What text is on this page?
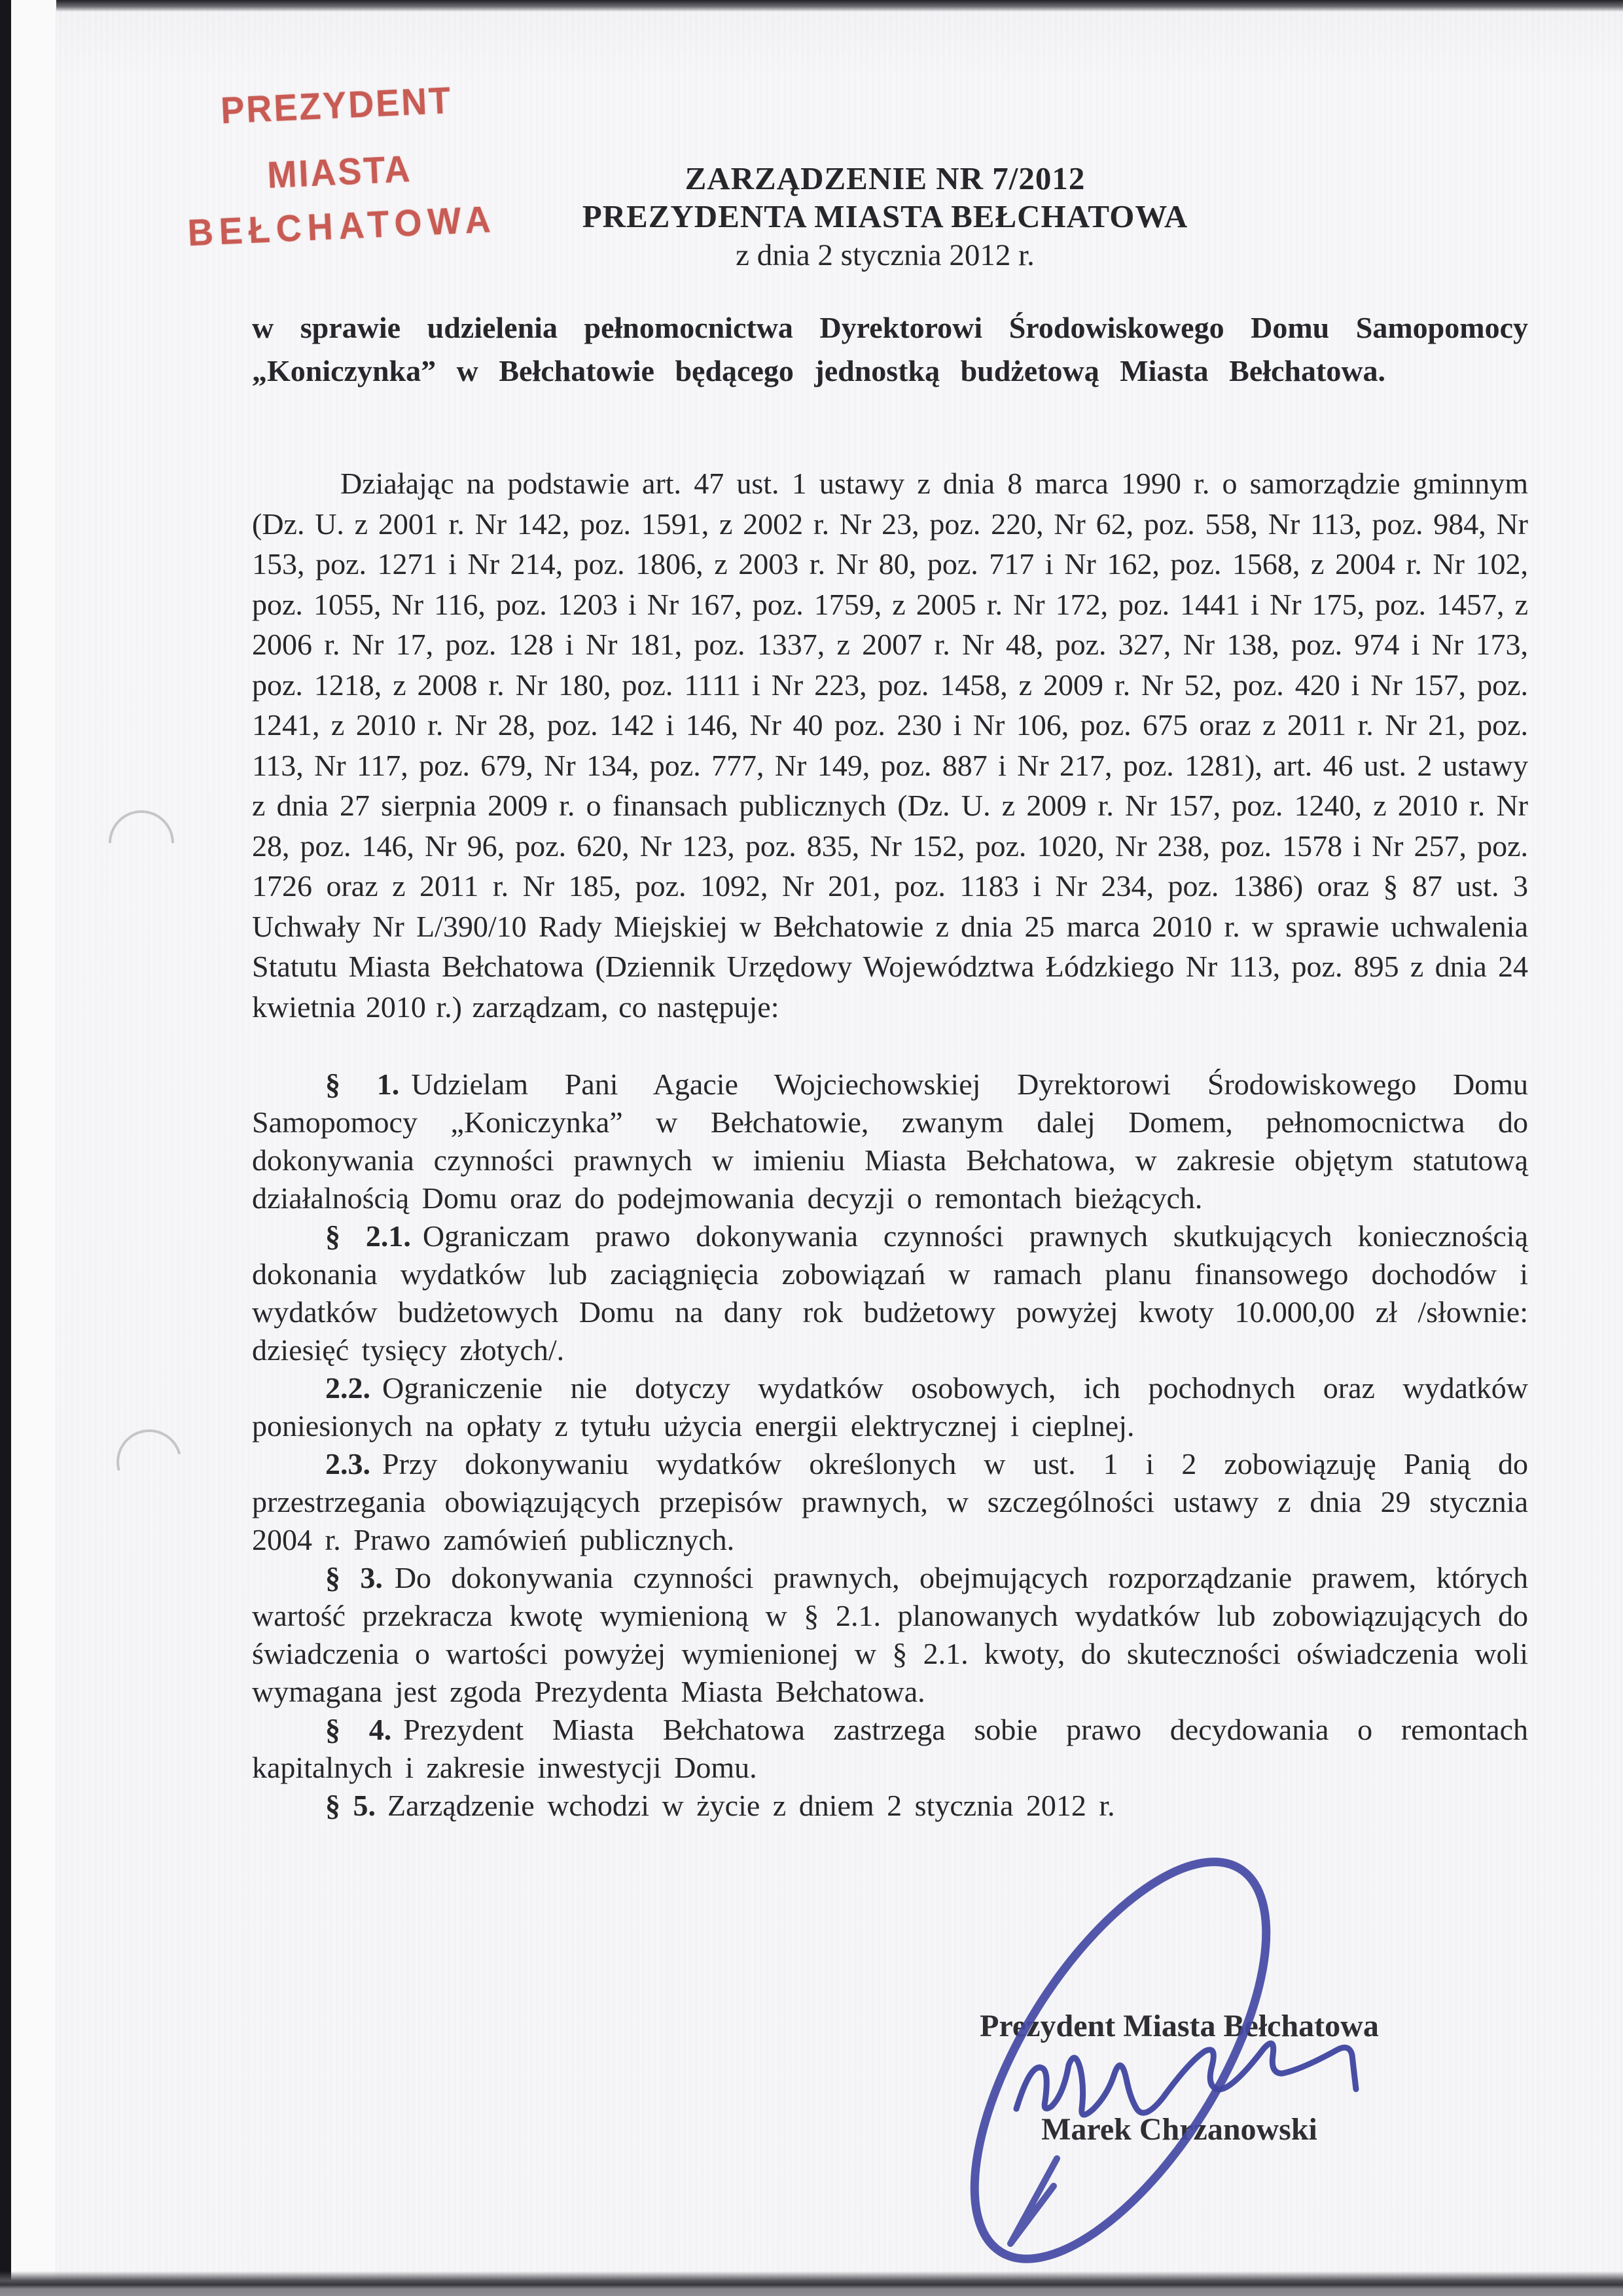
PREZYDENT MIASTA
BEŁCHATOWA
ZARZĄDZENIE NR 7/2012
PREZYDENTA MIASTA BEŁCHATOWA
z dnia 2 stycznia 2012 r.

w sprawie udzielenia pełnomocnictwa Dyrektorowi Środowiskowego Domu Samopomocy „Koniczynka” w Bełchatowie będącego jednostką budżetową Miasta Bełchatowa.

Działając na podstawie art. 47 ust. 1 ustawy z dnia 8 marca 1990 r. o samorządzie gminnym (Dz. U. z 2001 r. Nr 142, poz. 1591, z 2002 r. Nr 23, poz. 220, Nr 62, poz. 558, Nr 113, poz. 984, Nr 153, poz. 1271 i Nr 214, poz. 1806, z 2003 r. Nr 80, poz. 717 i Nr 162, poz. 1568, z 2004 r. Nr 102, poz. 1055, Nr 116, poz. 1203 i Nr 167, poz. 1759, z 2005 r. Nr 172, poz. 1441 i Nr 175, poz. 1457, z 2006 r. Nr 17, poz. 128 i Nr 181, poz. 1337, z 2007 r. Nr 48, poz. 327, Nr 138, poz. 974 i Nr 173, poz. 1218, z 2008 r. Nr 180, poz. 1111 i Nr 223, poz. 1458, z 2009 r. Nr 52, poz. 420 i Nr 157, poz. 1241, z 2010 r. Nr 28, poz. 142 i 146, Nr 40 poz. 230 i Nr 106, poz. 675 oraz z 2011 r. Nr 21, poz. 113, Nr 117, poz. 679, Nr 134, poz. 777, Nr 149, poz. 887 i Nr 217, poz. 1281), art. 46 ust. 2 ustawy z dnia 27 sierpnia 2009 r. o finansach publicznych (Dz. U. z 2009 r. Nr 157, poz. 1240, z 2010 r. Nr 28, poz. 146, Nr 96, poz. 620, Nr 123, poz. 835, Nr 152, poz. 1020, Nr 238, poz. 1578 i Nr 257, poz. 1726 oraz z 2011 r. Nr 185, poz. 1092, Nr 201, poz. 1183 i Nr 234, poz. 1386) oraz § 87 ust. 3 Uchwały Nr L/390/10 Rady Miejskiej w Bełchatowie z dnia 25 marca 2010 r. w sprawie uchwalenia Statutu Miasta Bełchatowa (Dziennik Urzędowy Województwa Łódzkiego Nr 113, poz. 895 z dnia 24 kwietnia 2010 r.) zarządzam, co następuje:

§ 1. Udzielam Pani Agacie Wojciechowskiej Dyrektorowi Środowiskowego Domu Samopomocy „Koniczynka” w Bełchatowie, zwanym dalej Domem, pełnomocnictwa do dokonywania czynności prawnych w imieniu Miasta Bełchatowa, w zakresie objętym statutową działalnością Domu oraz do podejmowania decyzji o remontach bieżących.

§ 2.1. Ograniczam prawo dokonywania czynności prawnych skutkujących koniecznością dokonania wydatków lub zaciągnięcia zobowiązań w ramach planu finansowego dochodów i wydatków budżetowych Domu na dany rok budżetowy powyżej kwoty 10.000,00 zł /słownie: dziesięć tysięcy złotych/.

2.2. Ograniczenie nie dotyczy wydatków osobowych, ich pochodnych oraz wydatków poniesionych na opłaty z tytułu użycia energii elektrycznej i cieplnej.

2.3. Przy dokonywaniu wydatków określonych w ust. 1 i 2 zobowiązuję Panią do przestrzegania obowiązujących przepisów prawnych, w szczególności ustawy z dnia 29 stycznia 2004 r. Prawo zamówień publicznych.

§ 3. Do dokonywania czynności prawnych, obejmujących rozporządzanie prawem, których wartość przekracza kwotę wymienioną w § 2.1. planowanych wydatków lub zobowiązujących do świadczenia o wartości powyżej wymienionej w § 2.1. kwoty, do skuteczności oświadczenia woli wymagana jest zgoda Prezydenta Miasta Bełchatowa.

§ 4. Prezydent Miasta Bełchatowa zastrzega sobie prawo decydowania o remontach kapitalnych i zakresie inwestycji Domu.

§ 5. Zarządzenie wchodzi w życie z dniem 2 stycznia 2012 r.

Prezydent Miasta Bełchatowa

Marek Chrzanowski
